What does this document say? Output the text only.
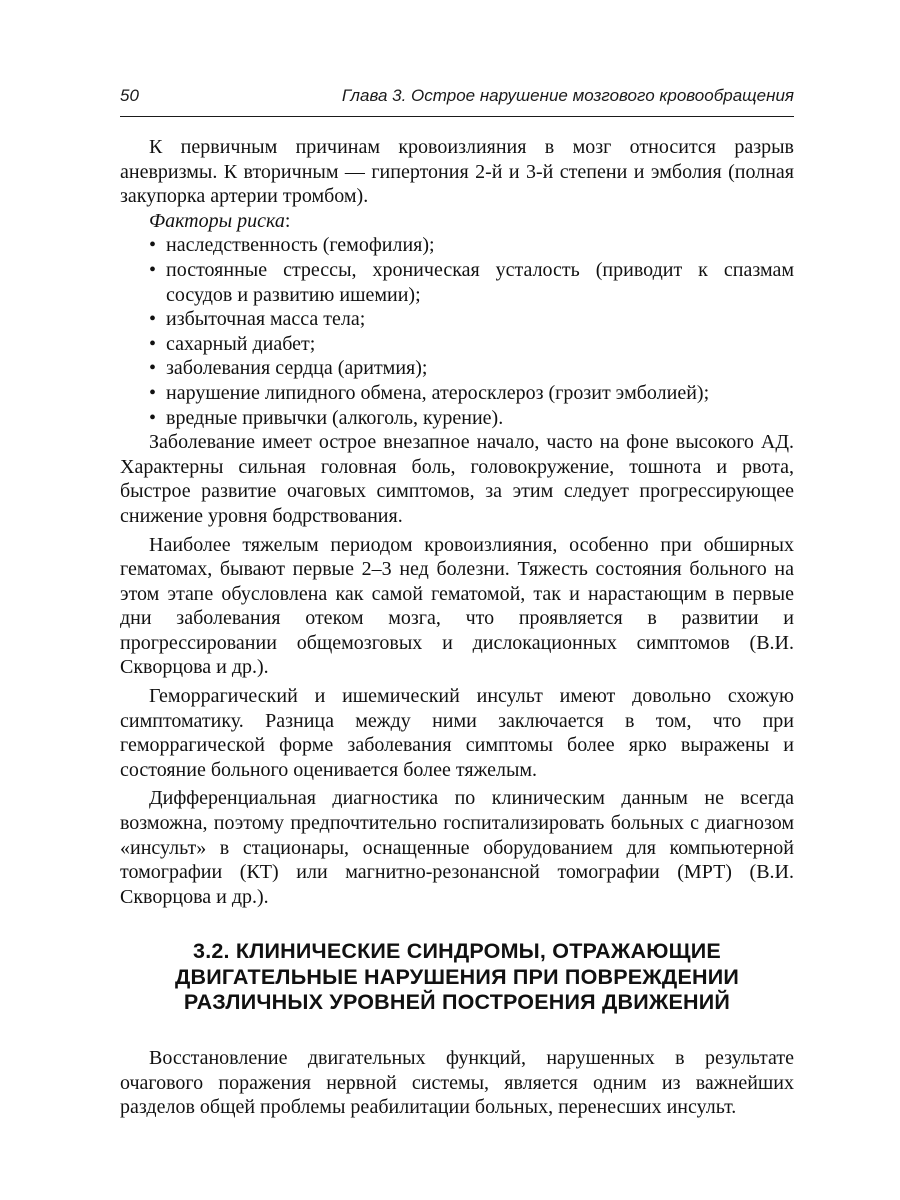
50	Глава 3. Острое нарушение мозгового кровообращения

К первичным причинам кровоизлияния в мозг относится разрыв аневризмы. К вторичным — гипертония 2-й и 3-й степени и эмболия (полная закупорка артерии тромбом).

Факторы риска:
• наследственность (гемофилия);
• постоянные стрессы, хроническая усталость (приводит к спазмам сосудов и развитию ишемии);
• избыточная масса тела;
• сахарный диабет;
• заболевания сердца (аритмия);
• нарушение липидного обмена, атеросклероз (грозит эмболией);
• вредные привычки (алкоголь, курение).

Заболевание имеет острое внезапное начало, часто на фоне высокого АД. Характерны сильная головная боль, головокружение, тошнота и рвота, быстрое развитие очаговых симптомов, за этим следует прогрессирующее снижение уровня бодрствования.

Наиболее тяжелым периодом кровоизлияния, особенно при обширных гематомах, бывают первые 2–3 нед болезни. Тяжесть состояния больного на этом этапе обусловлена как самой гематомой, так и нарастающим в первые дни заболевания отеком мозга, что проявляется в развитии и прогрессировании общемозговых и дислокационных симптомов (В.И. Скворцова и др.).

Геморрагический и ишемический инсульт имеют довольно схожую симптоматику. Разница между ними заключается в том, что при геморрагической форме заболевания симптомы более ярко выражены и состояние больного оценивается более тяжелым.

Дифференциальная диагностика по клиническим данным не всегда возможна, поэтому предпочтительно госпитализировать больных с диагнозом «инсульт» в стационары, оснащенные оборудованием для компьютерной томографии (КТ) или магнитно-резонансной томографии (МРТ) (В.И. Скворцова и др.).

3.2. КЛИНИЧЕСКИЕ СИНДРОМЫ, ОТРАЖАЮЩИЕ
ДВИГАТЕЛЬНЫЕ НАРУШЕНИЯ ПРИ ПОВРЕЖДЕНИИ
РАЗЛИЧНЫХ УРОВНЕЙ ПОСТРОЕНИЯ ДВИЖЕНИЙ

Восстановление двигательных функций, нарушенных в результате очагового поражения нервной системы, является одним из важнейших разделов общей проблемы реабилитации больных, перенесших инсульт.
